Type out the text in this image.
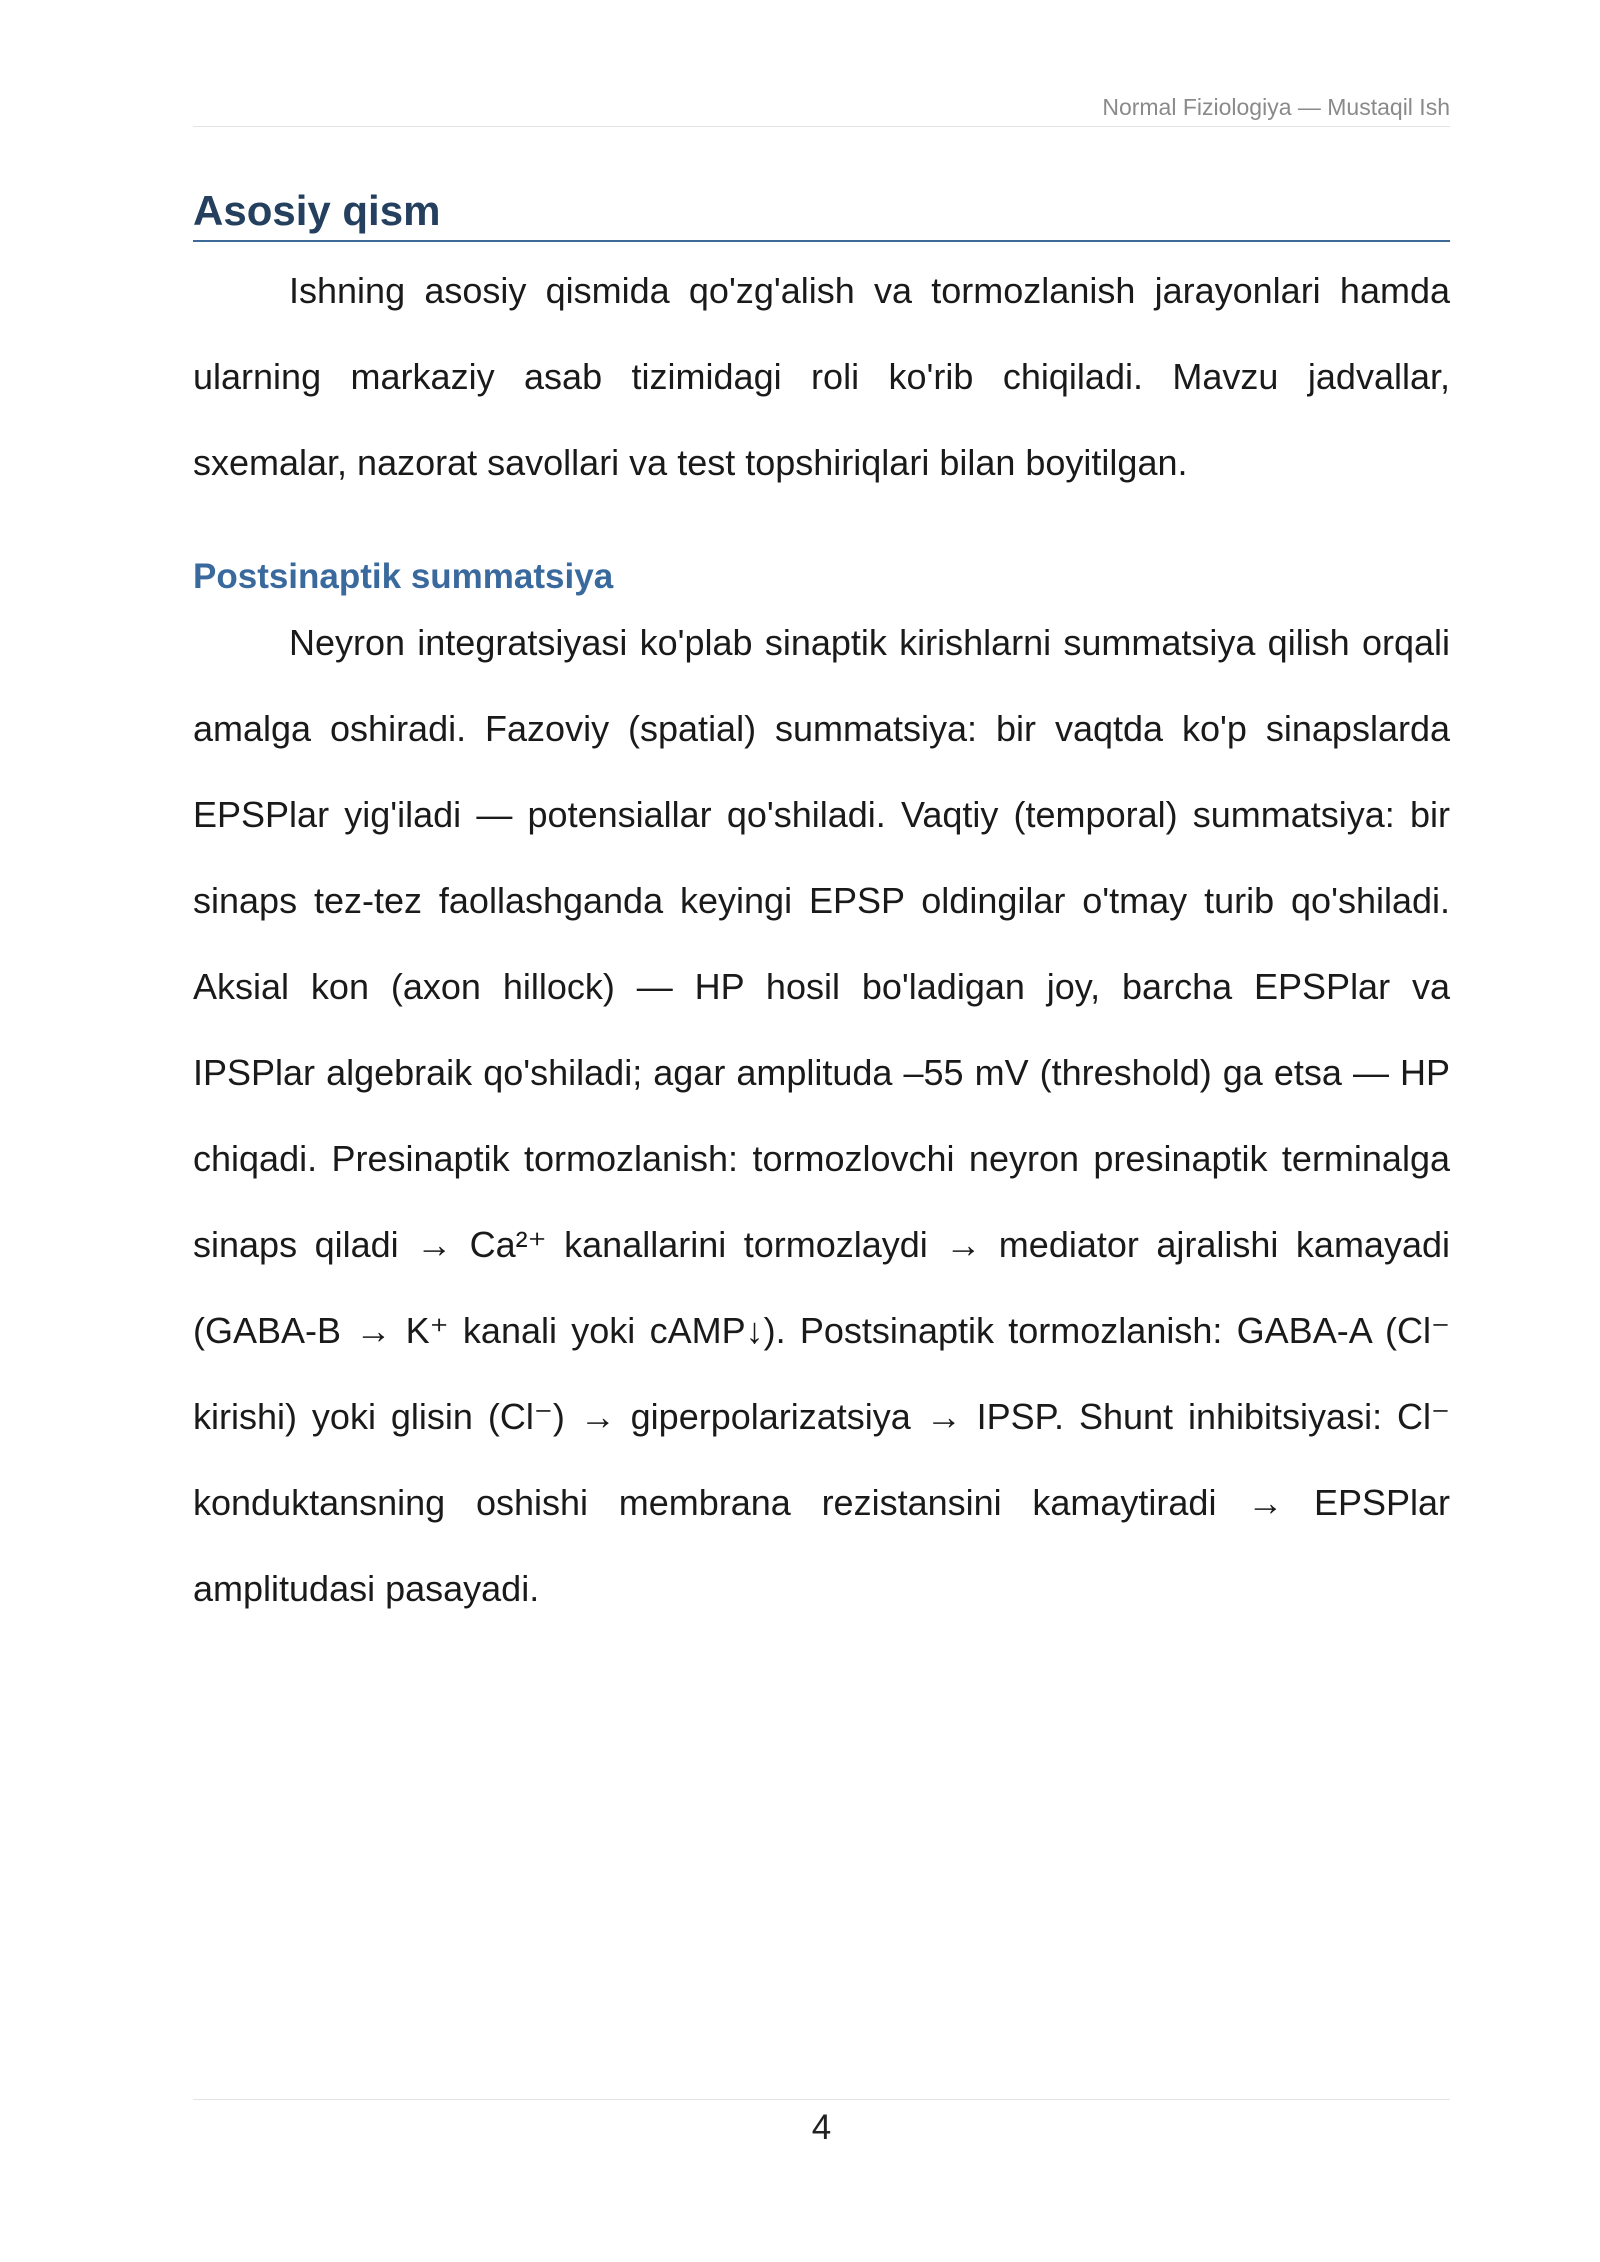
Normal Fiziologiya — Mustaqil Ish
Asosiy qism

Ishning asosiy qismida qo'zg'alish va tormozlanish jarayonlari hamda ularning markaziy asab tizimidagi roli ko'rib chiqiladi. Mavzu jadvallar, sxemalar, nazorat savollari va test topshiriqlari bilan boyitilgan.

Postsinaptik summatsiya

Neyron integratsiyasi ko'plab sinaptik kirishlarni summatsiya qilish orqali amalga oshiradi. Fazoviy (spatial) summatsiya: bir vaqtda ko'p sinapslarda EPSPlar yig'iladi — potensiallar qo'shiladi. Vaqtiy (temporal) summatsiya: bir sinaps tez-tez faollashganda keyingi EPSP oldingilar o'tmay turib qo'shiladi. Aksial kon (axon hillock) — HP hosil bo'ladigan joy, barcha EPSPlar va IPSPlar algebraik qo'shiladi; agar amplituda –55 mV (threshold) ga etsa — HP chiqadi. Presinaptik tormozlanish: tormozlovchi neyron presinaptik terminalga sinaps qiladi → Ca²⁺ kanallarini tormozlaydi → mediator ajralishi kamayadi (GABA-B → K⁺ kanali yoki cAMP↓). Postsinaptik tormozlanish: GABA-A (Cl⁻ kirishi) yoki glisin (Cl⁻) → giperpolarizatsiya → IPSP. Shunt inhibitsiyasi: Cl⁻ konduktansning oshishi membrana rezistansini kamaytiradi → EPSPlar amplitudasi pasayadi.

4
